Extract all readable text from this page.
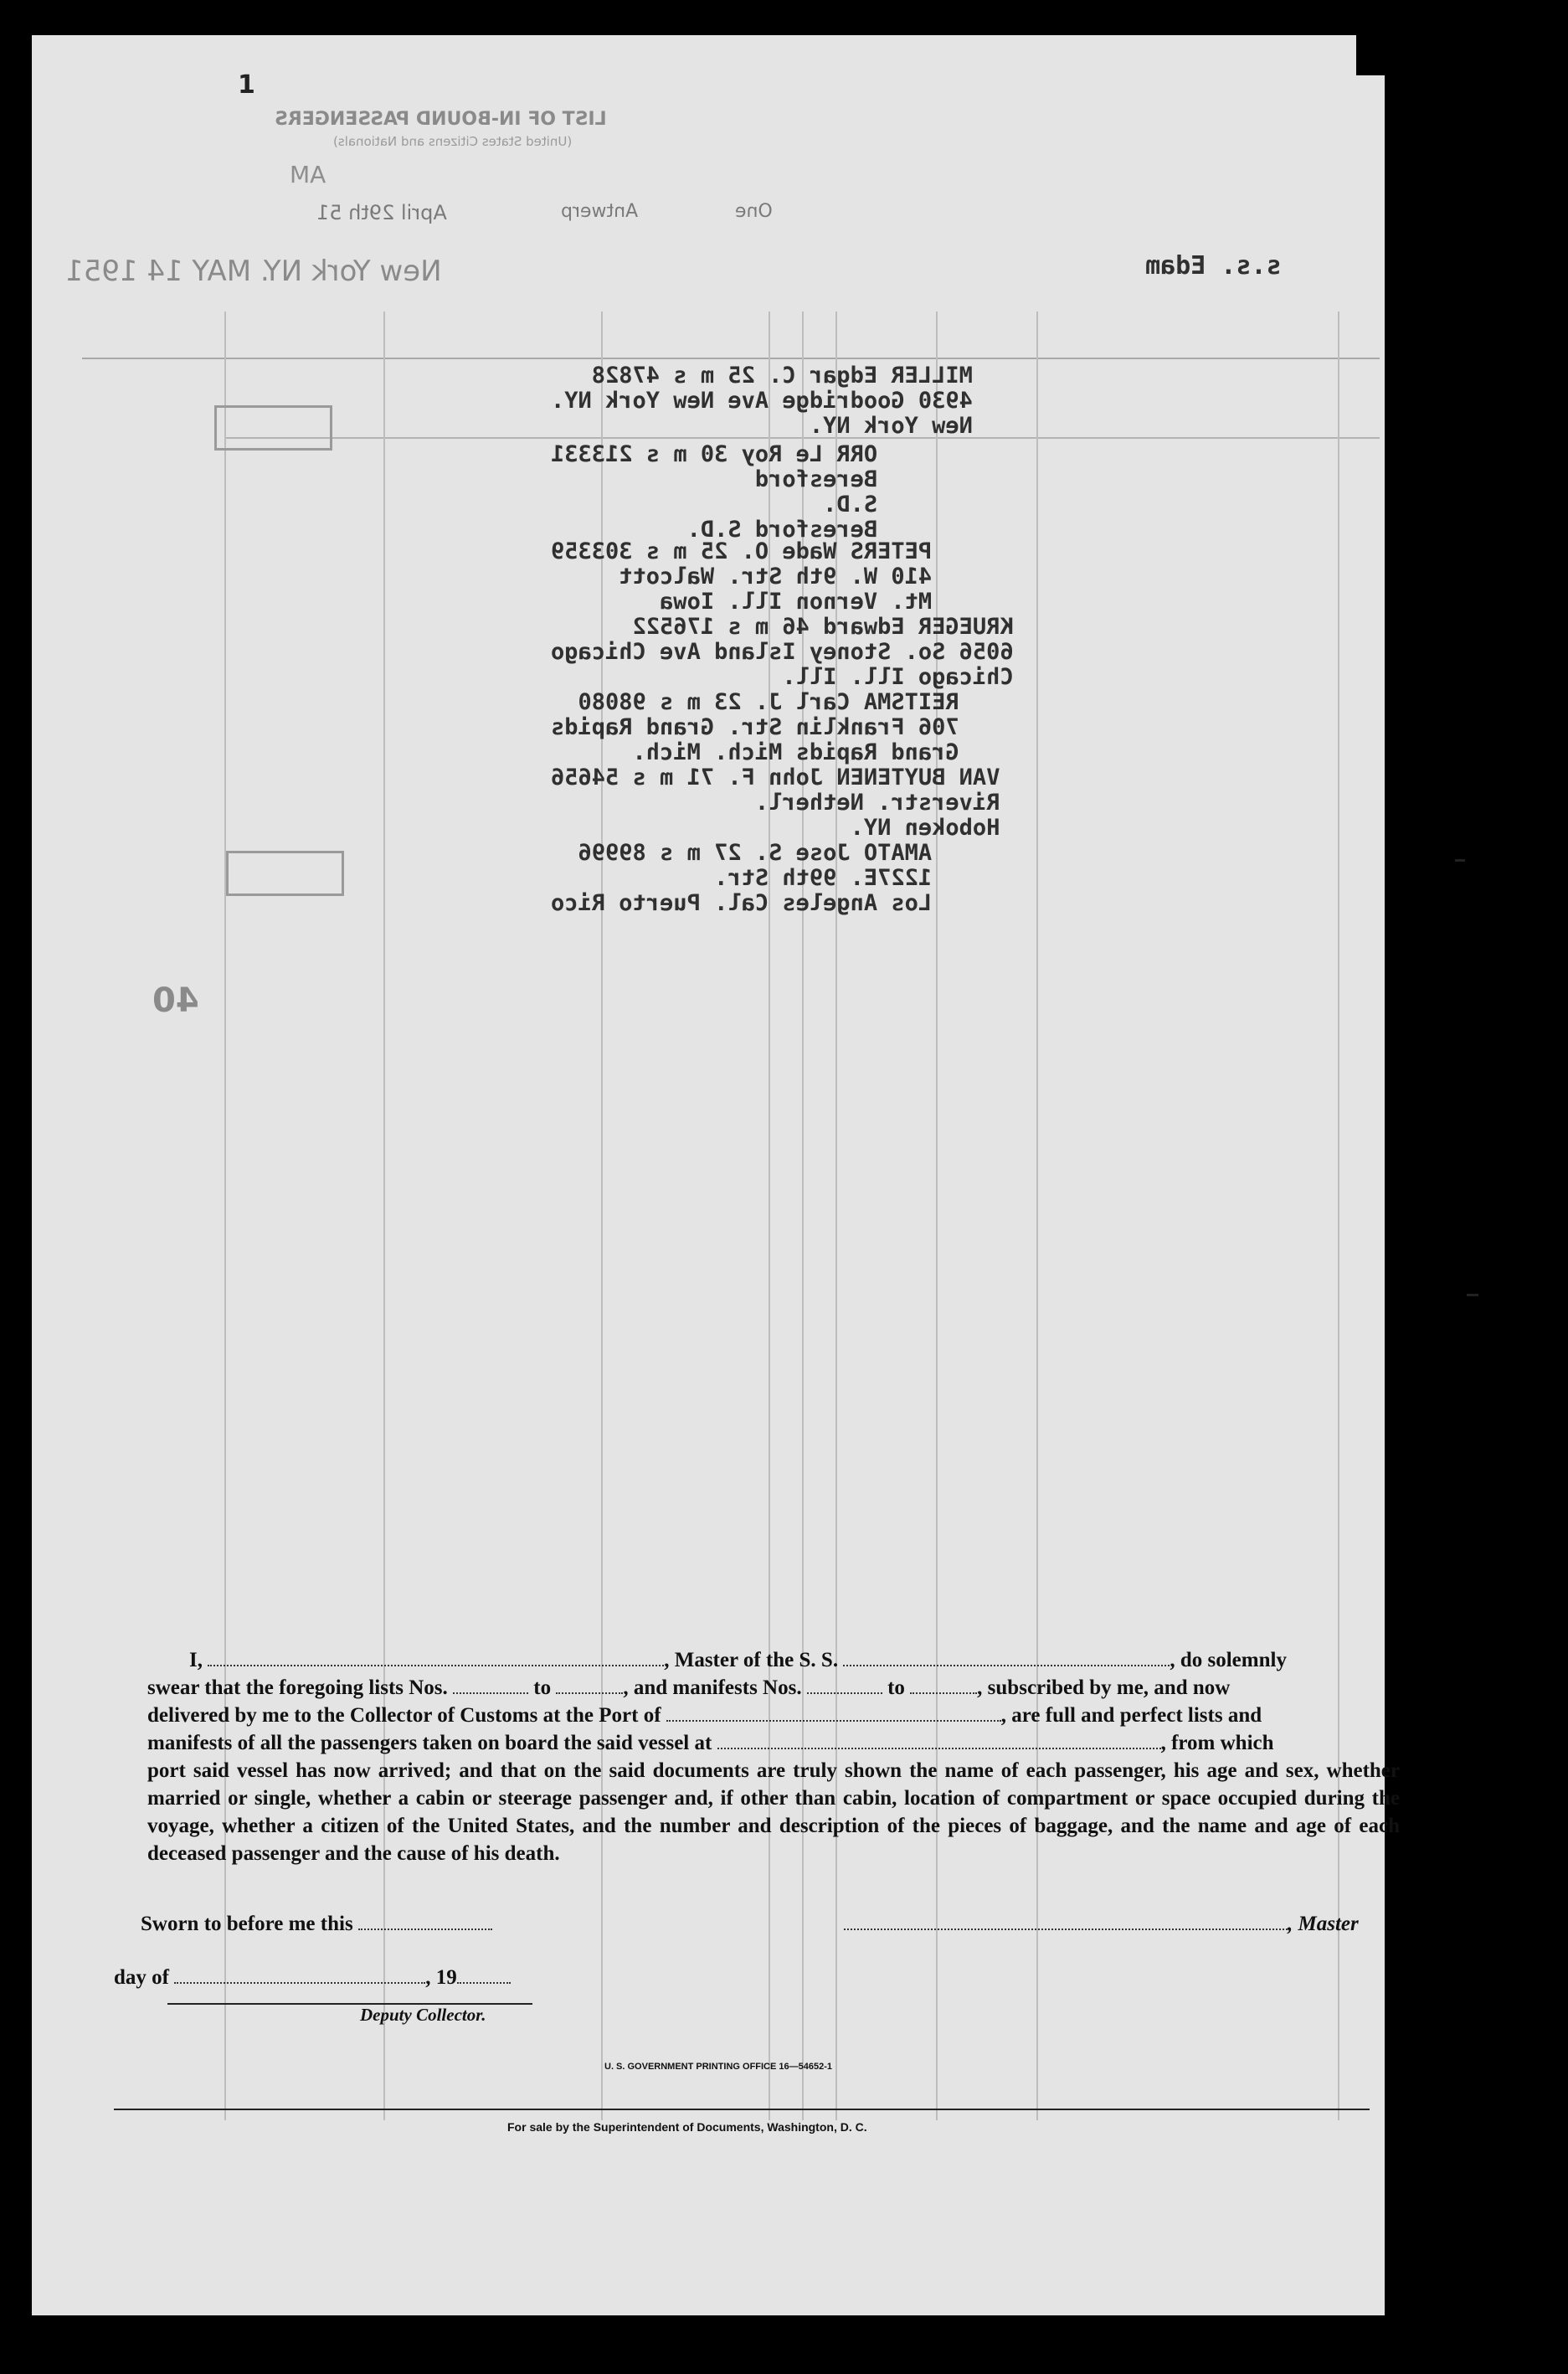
1
LIST OF IN-BOUND PASSENGERS
(United States Citizens and Nationals)
MA
April 29th 51	Antwerp	One
New York NY. MAY 14 1951	s.s. Edam
MILLER Edgar C. 25 m s 47828
4930 Goodridge Ave New York NY.
New York NY.
ORR Le Roy 30 m s 213331
Beresford
S.D.
Beresford S.D.
PETERS Wade O. 25 m s 303359
410 W. 9th Str. Walcott
Mt. Vernon Ill. Iowa
KRUEGER Edward 46 m s 176522
6056 So. Stoney Island Ave Chicago
Chicago Ill. Ill.
REITSMA Carl J. 23 m s 98080
706 Franklin Str. Grand Rapids
Grand Rapids Mich. Mich.
VAN BUYTENEN John F. 71 m s 54656
Riverstr. Netherl.
Hoboken NY.
AMATO Jose S. 27 m s 89996
1227E. 99th Str.
Los Angeles Cal. Puerto Rico
40

I,	, Master of the S. S.	, do solemnly

swear that the foregoing lists Nos.	to	, and manifests Nos.	to	, subscribed by me, and now

delivered by me to the Collector of Customs at the Port of	, are full and perfect lists and

manifests of all the passengers taken on board the said vessel at	, from which

port said vessel has now arrived; and that on the said documents are truly shown the name of each passenger, his age and sex, whether married or single, whether a cabin or steerage passenger and, if other than cabin, location of compartment or space occupied during the voyage, whether a citizen of the United States, and the number and description of the pieces of baggage, and the name and age of each deceased passenger and the cause of his death.

Sworn to before me this	, Master
day of	, 19
Deputy Collector.
U. S. GOVERNMENT PRINTING OFFICE 16—54652-1
For sale by the Superintendent of Documents, Washington, D. C.
